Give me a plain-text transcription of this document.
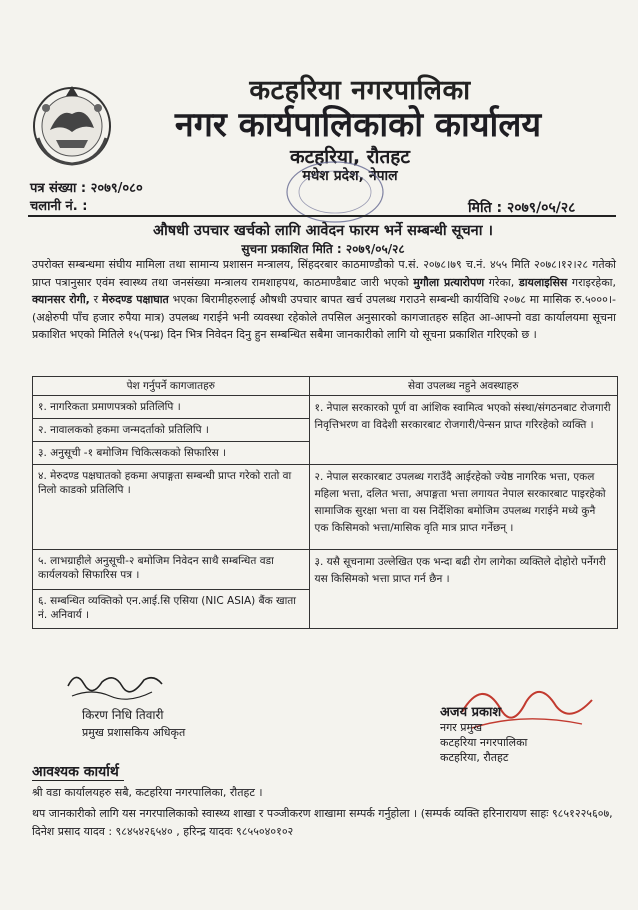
कटहरिया नगरपालिका
नगर कार्यपालिकाको कार्यालय
कटहरिया, रौतहट
मधेश प्रदेश, नेपाल
पत्र संख्या : २०७९/०८०
चलानी नं. :	मिति : २०७९/०५/२८
औषधी उपचार खर्चको लागि आवेदन फारम भर्ने सम्बन्धी सूचना ।
सुचना प्रकाशित मिति : २०७९/०५/२८
उपरोक्त सम्बन्धमा संघीय मामिला तथा सामान्य प्रशासन मन्त्रालय, सिंहदरबार काठमाण्डौको प.सं. २०७८।७९ च.नं. ४५५ मिति २०७८।१२।२८ गतेको प्राप्त पत्रानुसार एवंम स्वास्थ्य तथा जनसंख्या मन्त्रालय रामशाहपथ, काठमाण्डैबाट जारी भएको मुगौला प्रत्यारोपण गरेका, डायलाइसिस गराइरहेका, क्यानसर रोगी, र मेरुदण्ड पक्षाघात भएका बिरामीहरुलाई औषधी उपचार बापत खर्च उपलब्ध गराउने सम्बन्धी कार्यविधि २०७८ मा मासिक रु.५०००।- (अक्षेरुपी पाँच हजार रुपैया मात्र) उपलब्ध गराईने भनी व्यवस्था रहेकोले तपसिल अनुसारको कागजातहरु सहित आ-आफ्नो वडा कार्यालयमा सूचना प्रकाशित भएको मितिले १५(पन्ध्र) दिन भित्र निवेदन दिनु हुन सम्बन्धित सबैमा जानकारीको लागि यो सूचना प्रकाशित गरिएको छ ।
पेश गर्नुपर्ने कागजातहरु	सेवा उपलब्ध नहुने अवस्थाहरु
१. नागरिकता प्रमाणपत्रको प्रतिलिपि ।	१. नेपाल सरकारको पूर्ण वा आंशिक स्वामित्व भएको संस्था/संगठनबाट रोजगारी निवृत्तिभरण वा विदेशी सरकारबाट रोजगारी/पेन्सन प्राप्त गरिरहेको व्यक्ति ।
२. नावालकको हकमा जन्मदर्ताको प्रतिलिपि ।	
३. अनुसूची -१ बमोजिम चिकित्सकको सिफारिस ।	
४. मेरुदण्ड पक्षघातको हकमा अपाङ्गता सम्बन्धी प्राप्त गरेको रातो वा निलो काडको प्रतिलिपि ।	२. नेपाल सरकारबाट उपलब्ध गराउँदै आईरहेको ज्येष्ठ नागरिक भत्ता, एकल महिला भत्ता, दलित भत्ता, अपाङ्गता भत्ता लगायत नेपाल सरकारबाट पाइरहेको सामाजिक सुरक्षा भत्ता वा यस निर्देशिका बमोजिम उपलब्ध गराईने मध्ये कुनै एक किसिमको भत्ता/मासिक वृति मात्र प्राप्त गर्नेछन् ।
५. लाभग्राहीले अनुसूची-२ बमोजिम निवेदन साथै सम्बन्धित वडा कार्यलयको सिफारिस पत्र ।	३. यसै सूचनामा उल्लेखित एक भन्दा बढी रोग लागेका व्यक्तिले दोहोरो पर्नेगरी यस किसिमको भत्ता प्राप्त गर्न छैन ।
६. सम्बन्धित व्यक्तिको एन.आई.सि एसिया (NIC ASIA) बैंक खाता नं. अनिवार्य ।	
किरण निधि तिवारी
प्रमुख प्रशासकिय अधिकृत
अजय प्रकाश
नगर प्रमुख
कटहरिया नगरपालिका
कटहरिया, रौतहट
आवश्यक कार्यार्थ
श्री वडा कार्यालयहरु सबै, कटहरिया नगरपालिका, रौतहट ।
थप जानकारीको लागि यस नगरपालिकाको स्वास्थ्य शाखा र पञ्जीकरण शाखामा सम्पर्क गर्नुहोला । (सम्पर्क व्यक्ति हरिनारायण साहः ९८५१२२५६०७, दिनेश प्रसाद यादव : ९८४५४२६५४० , हरिन्द्र यादवः ९८५५०४०१०२
